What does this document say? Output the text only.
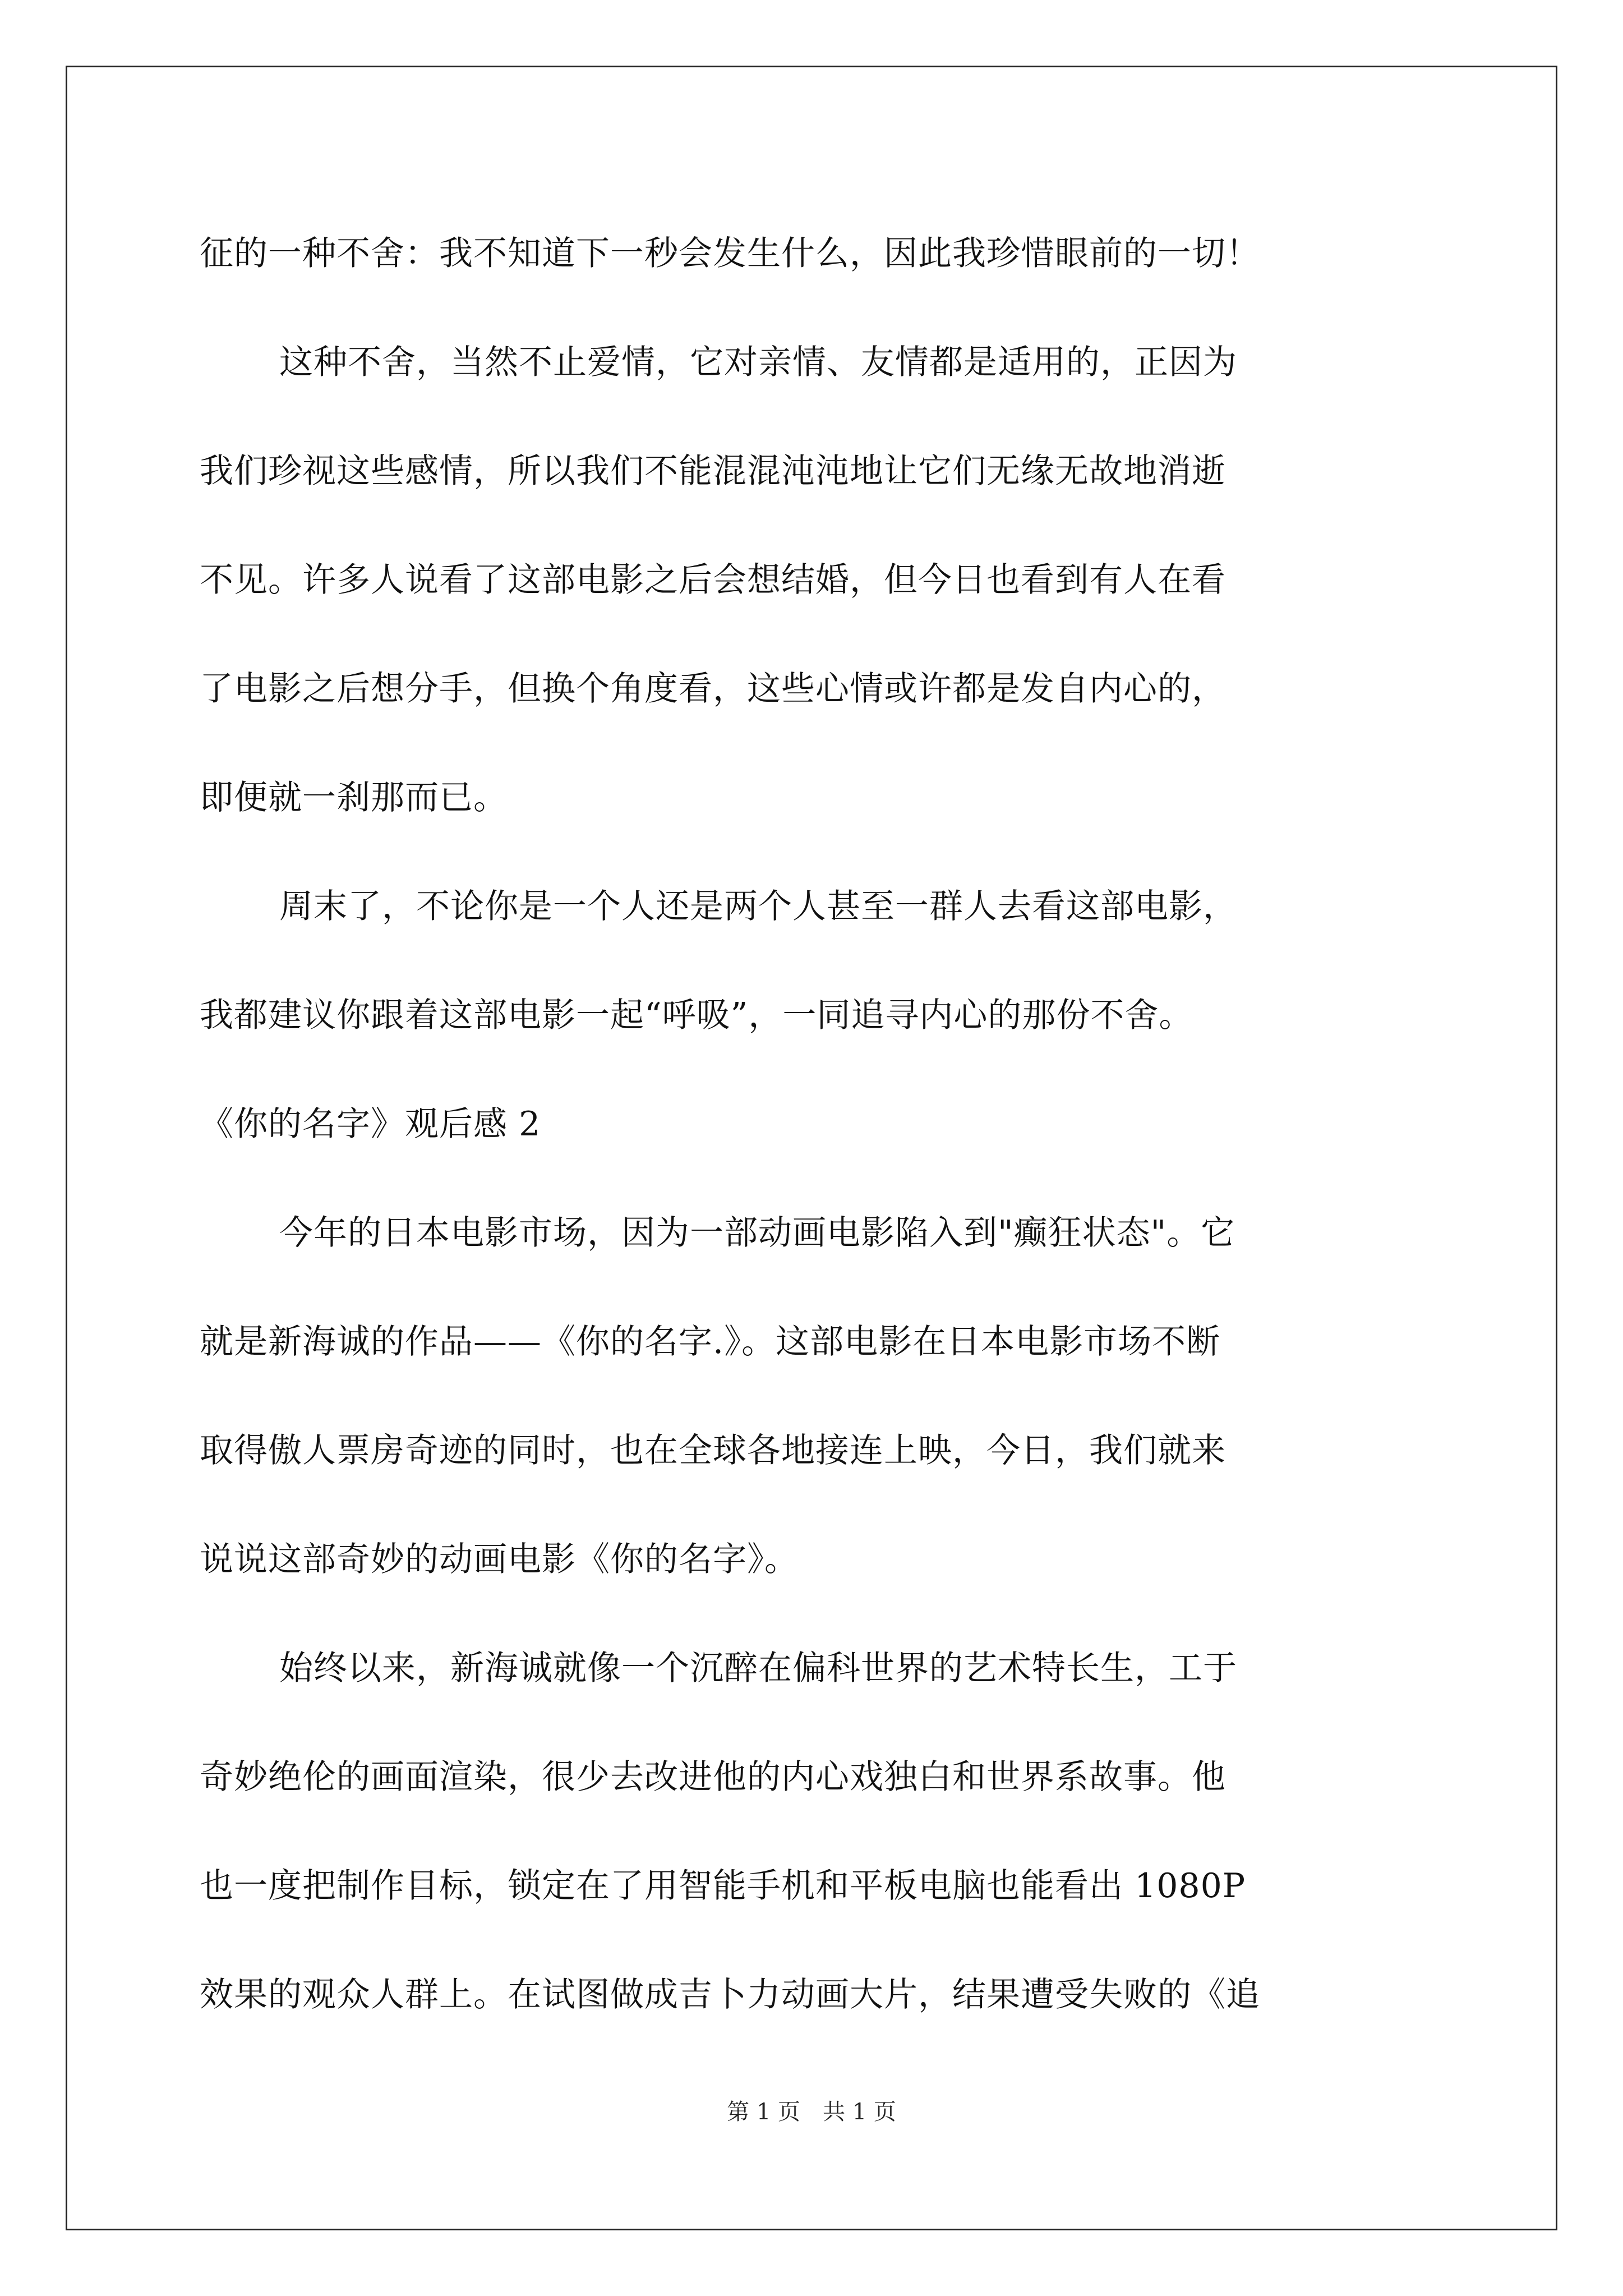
征的一种不舍：我不知道下一秒会发生什么，因此我珍惜眼前的一切！
这种不舍，当然不止爱情，它对亲情、友情都是适用的，正因为
我们珍视这些感情，所以我们不能混混沌沌地让它们无缘无故地消逝
不见。许多人说看了这部电影之后会想结婚，但今日也看到有人在看
了电影之后想分手，但换个角度看，这些心情或许都是发自内心的，
即便就一刹那而已。
周末了，不论你是一个人还是两个人甚至一群人去看这部电影，
我都建议你跟着这部电影一起“呼吸”，一同追寻内心的那份不舍。
《你的名字》观后感 2
今年的日本电影市场，因为一部动画电影陷入到"癫狂状态"。它
就是新海诚的作品——《你的名字.》。这部电影在日本电影市场不断
取得傲人票房奇迹的同时，也在全球各地接连上映，今日，我们就来
说说这部奇妙的动画电影《你的名字》。
始终以来，新海诚就像一个沉醉在偏科世界的艺术特长生，工于
奇妙绝伦的画面渲染，很少去改进他的内心戏独白和世界系故事。他
也一度把制作目标，锁定在了用智能手机和平板电脑也能看出 1080P
效果的观众人群上。在试图做成吉卜力动画大片，结果遭受失败的《追
第 1 页　共 1 页
